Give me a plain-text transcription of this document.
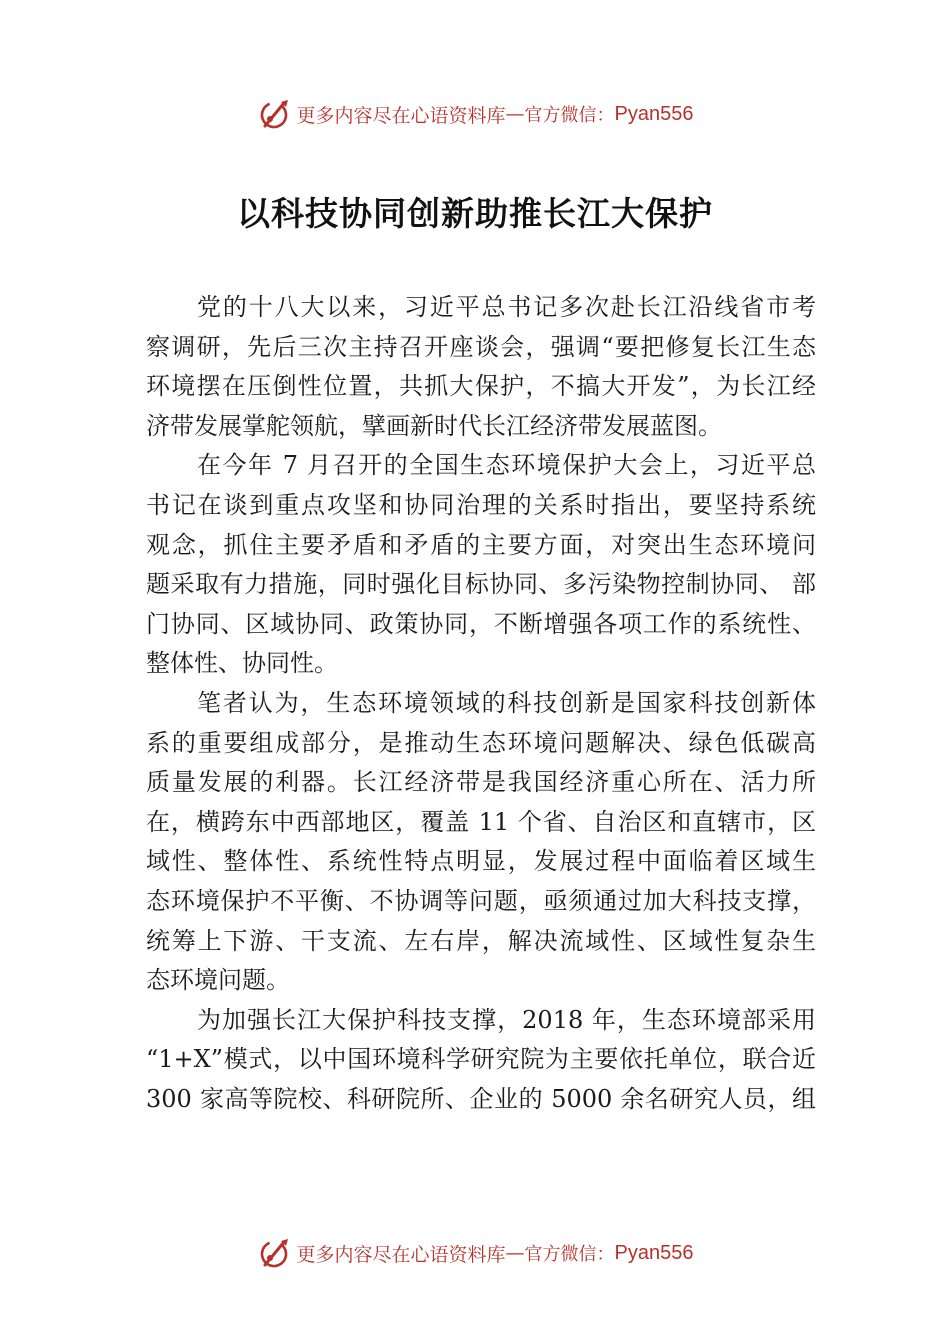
更多内容尽在心语资料库 — 官方微信： Pyan556
以科技协同创新助推长江大保护

党的十八大以来，习近平总书记多次赴长江沿线省市考
察调研，先后三次主持召开座谈会，强调“要把修复长江生态
环境摆在压倒性位置，共抓大保护，不搞大开发”，为长江经
济带发展掌舵领航，擘画新时代长江经济带发展蓝图。

在今年 7 月召开的全国生态环境保护大会上，习近平总
书记在谈到重点攻坚和协同治理的关系时指出，要坚持系统
观念，抓住主要矛盾和矛盾的主要方面，对突出生态环境问
题采取有力措施，同时强化目标协同、多污染物控制协同、 部
门协同、区域协同、政策协同，不断增强各项工作的系统性、
整体性、协同性。

笔者认为，生态环境领域的科技创新是国家科技创新体
系的重要组成部分，是推动生态环境问题解决、绿色低碳高
质量发展的利器。长江经济带是我国经济重心所在、活力所
在，横跨东中西部地区，覆盖 11 个省、自治区和直辖市，区
域性、整体性、系统性特点明显，发展过程中面临着区域生
态环境保护不平衡、不协调等问题，亟须通过加大科技支撑，
统筹上下游、干支流、左右岸，解决流域性、区域性复杂生
态环境问题。

为加强长江大保护科技支撑，2018 年，生态环境部采用
“1+X”模式，以中国环境科学研究院为主要依托单位，联合近
300 家高等院校、科研院所、企业的 5000 余名研究人员，组

更多内容尽在心语资料库 — 官方微信： Pyan556
